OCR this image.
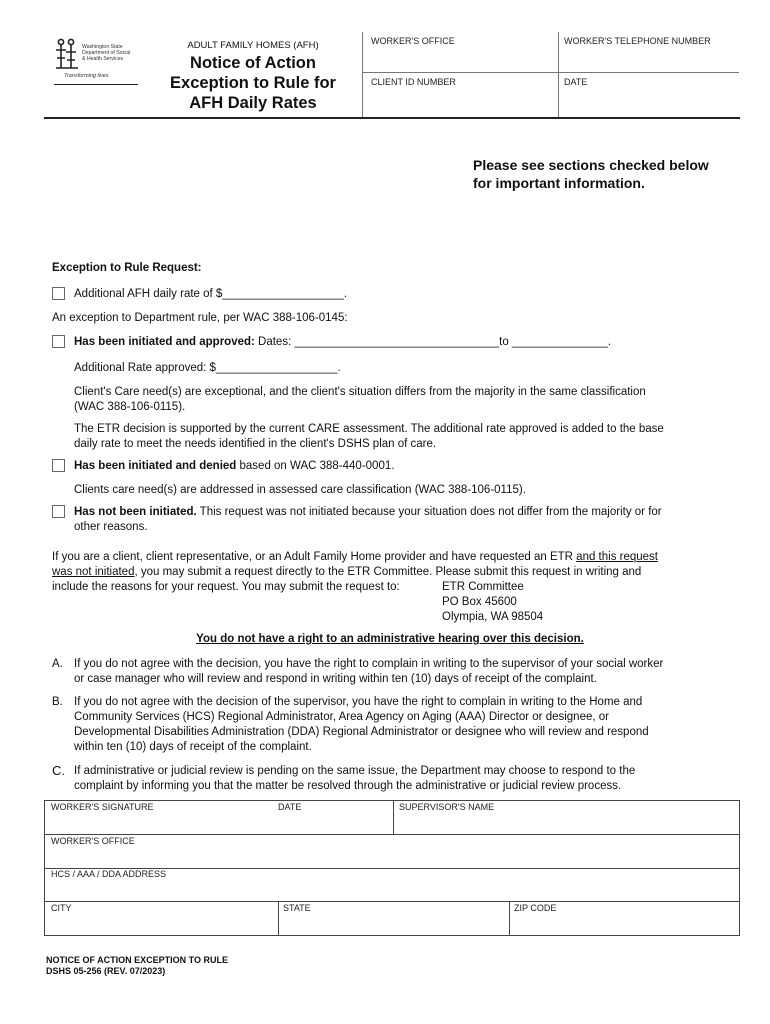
Washington State
Department of Social
& Health Services
Transforming lives
ADULT FAMILY HOMES (AFH)
Notice of Action
Exception to Rule for
AFH Daily Rates
WORKER'S OFFICE	WORKER'S TELEPHONE NUMBER
CLIENT ID NUMBER	DATE
Please see sections checked below
for important information.
Exception to Rule Request:
Additional AFH daily rate of $___________________.
An exception to Department rule, per WAC 388-106-0145:
Has been initiated and approved: Dates: ________________________________to _______________.
Additional Rate approved: $___________________.
Client's Care need(s) are exceptional, and the client's situation differs from the majority in the same classification
(WAC 388-106-0115).
The ETR decision is supported by the current CARE assessment. The additional rate approved is added to the base
daily rate to meet the needs identified in the client's DSHS plan of care.
Has been initiated and denied based on WAC 388-440-0001.
Clients care need(s) are addressed in assessed care classification (WAC 388-106-0115).
Has not been initiated. This request was not initiated because your situation does not differ from the majority or for
other reasons.
If you are a client, client representative, or an Adult Family Home provider and have requested an ETR and this request
was not initiated, you may submit a request directly to the ETR Committee. Please submit this request in writing and
include the reasons for your request. You may submit the request to:	ETR Committee
PO Box 45600
Olympia, WA 98504
You do not have a right to an administrative hearing over this decision.
A. If you do not agree with the decision, you have the right to complain in writing to the supervisor of your social worker
or case manager who will review and respond in writing within ten (10) days of receipt of the complaint.
B. If you do not agree with the decision of the supervisor, you have the right to complain in writing to the Home and
Community Services (HCS) Regional Administrator, Area Agency on Aging (AAA) Director or designee, or
Developmental Disabilities Administration (DDA) Regional Administrator or designee who will review and respond
within ten (10) days of receipt of the complaint.
C. If administrative or judicial review is pending on the same issue, the Department may choose to respond to the
complaint by informing you that the matter be resolved through the administrative or judicial review process.
WORKER'S SIGNATURE	DATE	SUPERVISOR'S NAME
WORKER'S OFFICE
HCS / AAA / DDA ADDRESS
CITY	STATE	ZIP CODE
NOTICE OF ACTION EXCEPTION TO RULE
DSHS 05-256 (REV. 07/2023)
